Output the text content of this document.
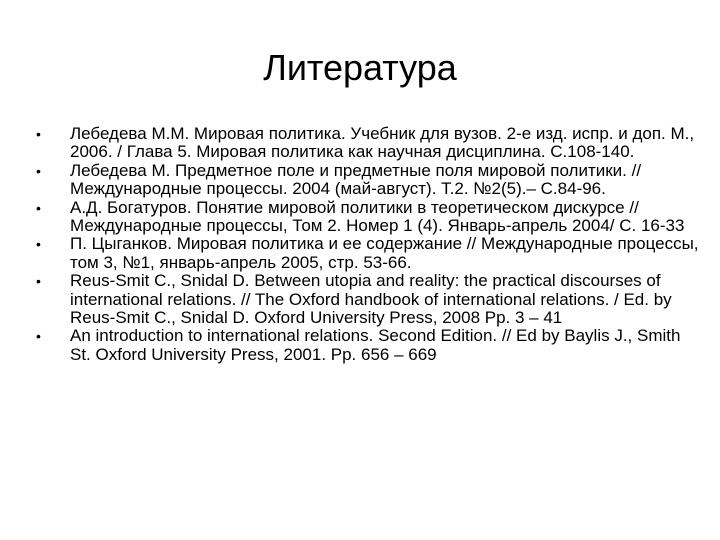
Литература
•	Лебедева М.М. Мировая политика. Учебник для вузов. 2-е изд. испр. и доп. М., 2006. / Глава 5. Мировая политика как научная дисциплина. С.108-140.
•	Лебедева М. Предметное поле и предметные поля мировой политики. // Международные процессы. 2004 (май-август). Т.2. №2(5).– С.84-96.
•	А.Д. Богатуров. Понятие мировой политики в теоретическом дискурсе // Международные процессы, Том 2. Номер 1 (4). Январь-апрель 2004/ С. 16-33
•	П. Цыганков. Мировая политика и ее содержание // Международные процессы, том 3, №1, январь-апрель 2005, стр. 53-66.
•	Reus-Smit C., Snidal D. Between utopia and reality: the practical discourses of international relations. // The Oxford handbook of international relations. / Ed. by Reus-Smit C., Snidal D. Oxford University Press, 2008 Pp. 3 – 41
•	An introduction to international relations. Second Edition. // Ed by Baylis J., Smith St. Oxford University Press, 2001. Pp. 656 – 669
